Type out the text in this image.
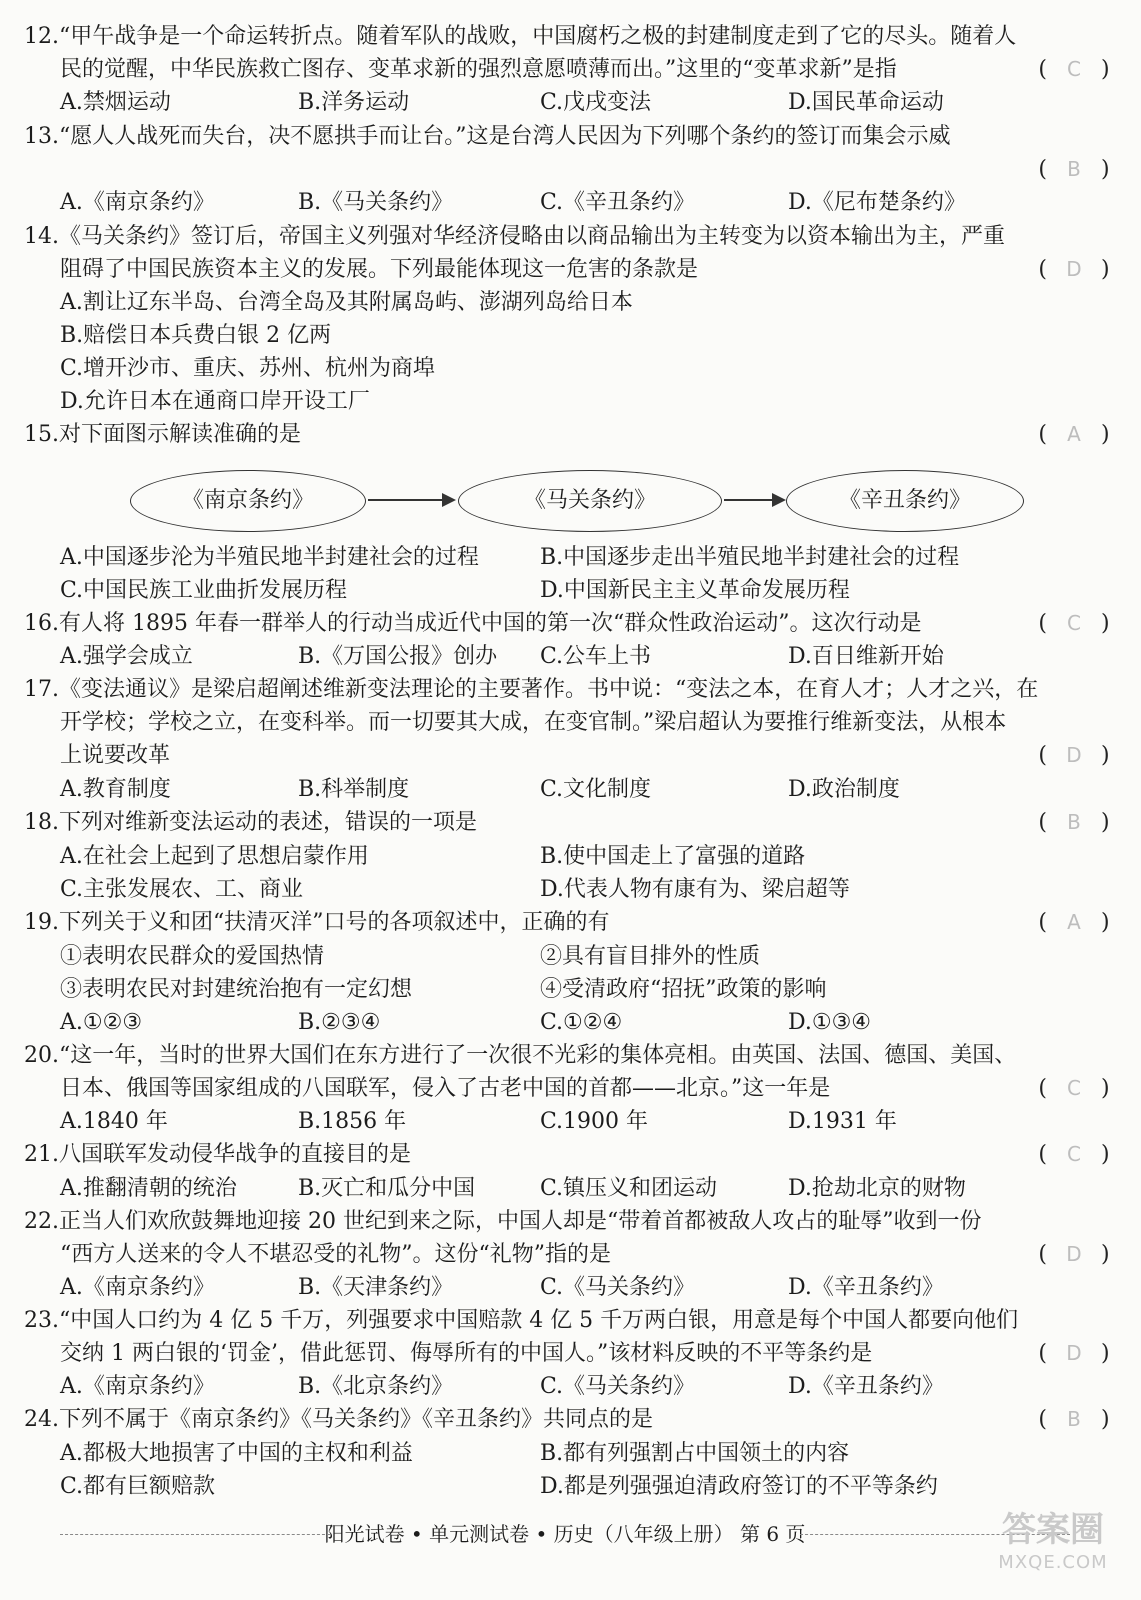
12.“甲午战争是一个命运转折点。随着军队的战败，中国腐朽之极的封建制度走到了它的尽头。随着人
民的觉醒，中华民族救亡图存、变革求新的强烈意愿喷薄而出。”这里的“变革求新”是指	( C )
A.禁烟运动	B.洋务运动	C.戊戌变法	D.国民革命运动
13.“愿人人战死而失台，决不愿拱手而让台。”这是台湾人民因为下列哪个条约的签订而集会示威
( B )
A.《南京条约》	B.《马关条约》	C.《辛丑条约》	D.《尼布楚条约》
14.《马关条约》签订后，帝国主义列强对华经济侵略由以商品输出为主转变为以资本输出为主，严重
阻碍了中国民族资本主义的发展。下列最能体现这一危害的条款是	( D )
A.割让辽东半岛、台湾全岛及其附属岛屿、澎湖列岛给日本
B.赔偿日本兵费白银 2 亿两
C.增开沙市、重庆、苏州、杭州为商埠
D.允许日本在通商口岸开设工厂
15.对下面图示解读准确的是	( A )
《南京条约》	《马关条约》	《辛丑条约》
A.中国逐步沦为半殖民地半封建社会的过程	B.中国逐步走出半殖民地半封建社会的过程
C.中国民族工业曲折发展历程	D.中国新民主主义革命发展历程
16.有人将 1895 年春一群举人的行动当成近代中国的第一次“群众性政治运动”。这次行动是	( C )
A.强学会成立	B.《万国公报》创办 C.公车上书	D.百日维新开始
17.《变法通议》是梁启超阐述维新变法理论的主要著作。书中说：“变法之本，在育人才；人才之兴，在
开学校；学校之立，在变科举。而一切要其大成，在变官制。”梁启超认为要推行维新变法，从根本
上说要改革	( D )
A.教育制度	B.科举制度	C.文化制度	D.政治制度
18.下列对维新变法运动的表述，错误的一项是	( B )
A.在社会上起到了思想启蒙作用	B.使中国走上了富强的道路
C.主张发展农、工、商业	D.代表人物有康有为、梁启超等
19.下列关于义和团“扶清灭洋”口号的各项叙述中，正确的有	( A )
①表明农民群众的爱国热情	②具有盲目排外的性质
③表明农民对封建统治抱有一定幻想	④受清政府“招抚”政策的影响
A.①②③	B.②③④	C.①②④	D.①③④
20.“这一年，当时的世界大国们在东方进行了一次很不光彩的集体亮相。由英国、法国、德国、美国、
日本、俄国等国家组成的八国联军，侵入了古老中国的首都——北京。”这一年是	( C )
A.1840 年	B.1856 年	C.1900 年	D.1931 年
21.八国联军发动侵华战争的直接目的是	( C )
A.推翻清朝的统治	B.灭亡和瓜分中国	C.镇压义和团运动	D.抢劫北京的财物
22.正当人们欢欣鼓舞地迎接 20 世纪到来之际，中国人却是“带着首都被敌人攻占的耻辱”收到一份
“西方人送来的令人不堪忍受的礼物”。这份“礼物”指的是	( D )
A.《南京条约》	B.《天津条约》	C.《马关条约》	D.《辛丑条约》
23.“中国人口约为 4 亿 5 千万，列强要求中国赔款 4 亿 5 千万两白银，用意是每个中国人都要向他们
交纳 1 两白银的‘罚金’，借此惩罚、侮辱所有的中国人。”该材料反映的不平等条约是	( D )
A.《南京条约》	B.《北京条约》	C.《马关条约》	D.《辛丑条约》
24.下列不属于《南京条约》《马关条约》《辛丑条约》共同点的是	( B )
A.都极大地损害了中国的主权和利益	B.都有列强割占中国领土的内容
C.都有巨额赔款	D.都是列强强迫清政府签订的不平等条约
阳光试卷 • 单元测试卷 • 历史（八年级上册） 第 6 页	答案圈
MXQE.COM
